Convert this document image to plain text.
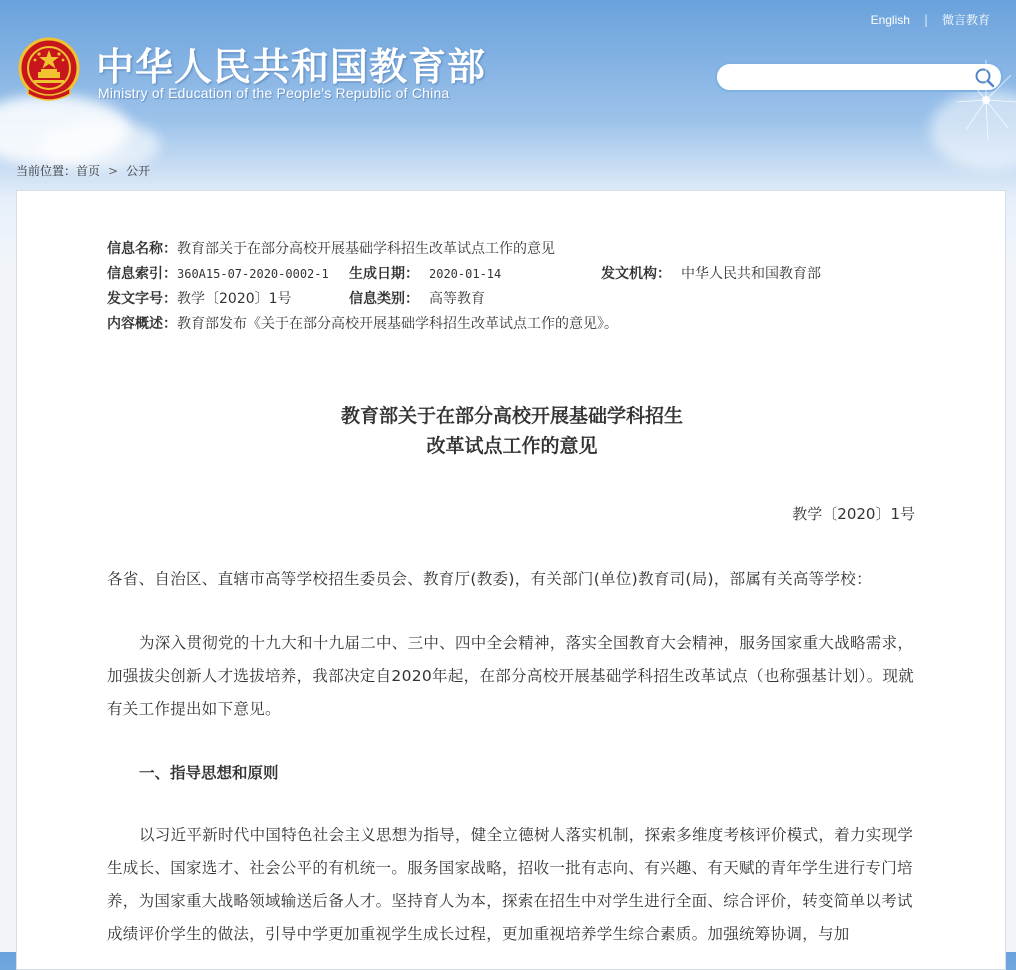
中华人民共和国教育部
Ministry of Education of the People's Republic of China
English | 微言教育
当前位置：首页 > 公开
信息名称：教育部关于在部分高校开展基础学科招生改革试点工作的意见
信息索引：360A15-07-2020-0002-1 生成日期： 2020-01-14	发文机构： 中华人民共和国教育部
发文字号：教学〔2020〕1号	信息类别： 高等教育
内容概述：教育部发布《关于在部分高校开展基础学科招生改革试点工作的意见》。
教育部关于在部分高校开展基础学科招生
改革试点工作的意见
教学〔2020〕1号
各省、自治区、直辖市高等学校招生委员会、教育厅(教委)，有关部门(单位)教育司(局)，部属有关高等学校：
为深入贯彻党的十九大和十九届二中、三中、四中全会精神，落实全国教育大会精神，服务国家重大战略需求，加强拔尖创新人才选拔培养，我部决定自2020年起，在部分高校开展基础学科招生改革试点（也称强基计划）。现就有关工作提出如下意见。
一、指导思想和原则
以习近平新时代中国特色社会主义思想为指导，健全立德树人落实机制，探索多维度考核评价模式，着力实现学生成长、国家选才、社会公平的有机统一。服务国家战略，招收一批有志向、有兴趣、有天赋的青年学生进行专门培养，为国家重大战略领域输送后备人才。坚持育人为本，探索在招生中对学生进行全面、综合评价，转变简单以考试成绩评价学生的做法，引导中学更加重视学生成长过程，更加重视培养学生综合素质。加强统筹协调，与加
